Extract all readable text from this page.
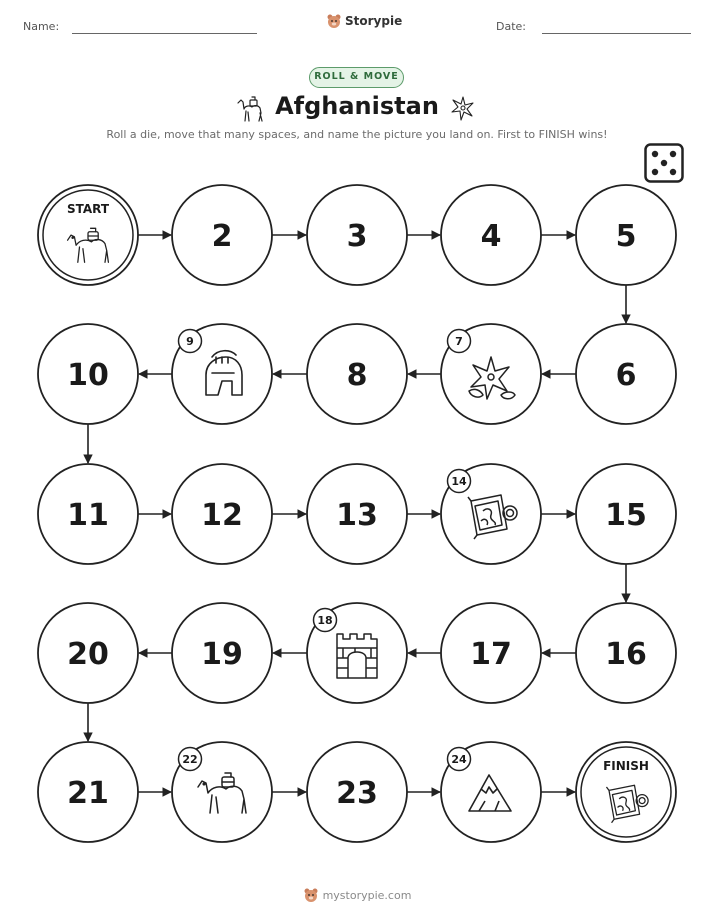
Name:	Date:
Storypie
ROLL & MOVE
Afghanistan
Roll a die, move that many spaces, and name the picture you land on. First to FINISH wins!
START
2	3	4	5
10
9
8
7
6
11	12	13
14
15
20	19
18
17	16
21
22
23
24	FINISH
mystorypie.com
